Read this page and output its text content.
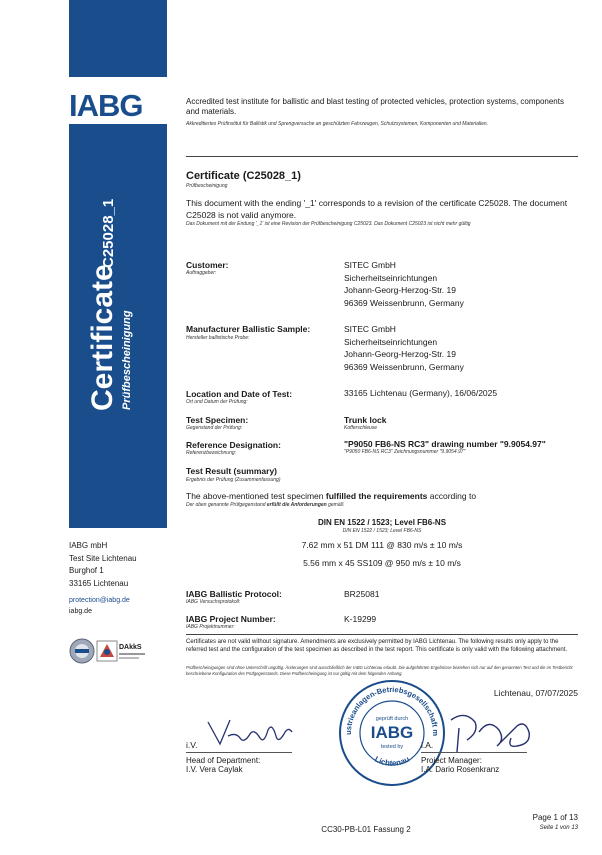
IABG
Certificate Prüfbescheinigung
C25028_1
IABG mbH
Test Site Lichtenau
Burghof 1
33165 Lichtenau
protection@iabg.de
iabg.de
DAkkS
Accredited test institute for ballistic and blast testing of protected vehicles, protection systems, components and materials.
Akkreditiertes Prüfinstitut für Ballistik und Sprengversuche an geschützten Fahrzeugen, Schutzsystemen, Komponenten und Materialien.
Certificate (C25028_1)
Prüfbescheinigung
This document with the ending '_1' corresponds to a revision of the certificate C25028. The document C25028 is not valid anymore.
Das Dokument mit der Endung '_1' ist eine Revision der Prüfbescheinigung C25023. Das Dokument C25023 ist nicht mehr gültig
Customer:
Auftraggeber:
SITEC GmbH
Sicherheitseinrichtungen
Johann-Georg-Herzog-Str. 19
96369 Weissenbrunn, Germany
Manufacturer Ballistic Sample:
Hersteller ballistische Probe:
SITEC GmbH
Sicherheitseinrichtungen
Johann-Georg-Herzog-Str. 19
96369 Weissenbrunn, Germany
Location and Date of Test:
Ort und Datum der Prüfung:
33165 Lichtenau (Germany), 16/06/2025
Test Specimen:
Gegenstand der Prüfung:
Trunk lock
Kofferschleuse
Reference Designation:
Referenzbezeichnung:
"P9050 FB6-NS RC3" drawing number "9.9054.97"
"P9050 FB6-NS RC3" Zeichnungsnummer "9.9054.97"
Test Result (summary)
Ergebnis der Prüfung (Zusammenfassung)
The above-mentioned test specimen fulfilled the requirements according to
Der oben genannte Prüfgegenstand erfüllt die Anforderungen gemäß
DIN EN 1522 / 1523; Level FB6-NS
DIN EN 1522 / 1523; Level FB6-NS
7.62 mm x 51 DM 111 @ 830 m/s ± 10 m/s
5.56 mm x 45 SS109 @ 950 m/s ± 10 m/s
IABG Ballistic Protocol:
IABG Versuchsprotokoll:
BR25081
IABG Project Number:
IABG Projektnummer:
K-19299
Certificates are not valid without signature. Amendments are exclusively permitted by IABG Lichtenau. The following results only apply to the referred test and the configuration of the test specimen as described in the test report. This certificate is only valid with the following attachment.
Prüfbescheinigungen sind ohne Unterschrift ungültig. Änderungen sind ausschließlich der IABG Lichtenau erlaubt. Die aufgeführten Ergebnisse beziehen sich nur auf den genannten Test und die im Testbericht beschriebene Konfiguration des Prüfgegenstands. Diese Prüfbescheinigung ist nur gültig mit dem folgenden Anhang.
Lichtenau, 07/07/2025
ustrieanlagen-Betriebsgesellschaft m
Lichtenau
geprüft durch
IABG
tested by
i.V.
Head of Department:
I.V. Vera Caylak
i.A.
Project Manager:
I.A. Dario Rosenkranz
CC30-PB-L01 Fassung 2
Page 1 of 13
Seite 1 von 13
